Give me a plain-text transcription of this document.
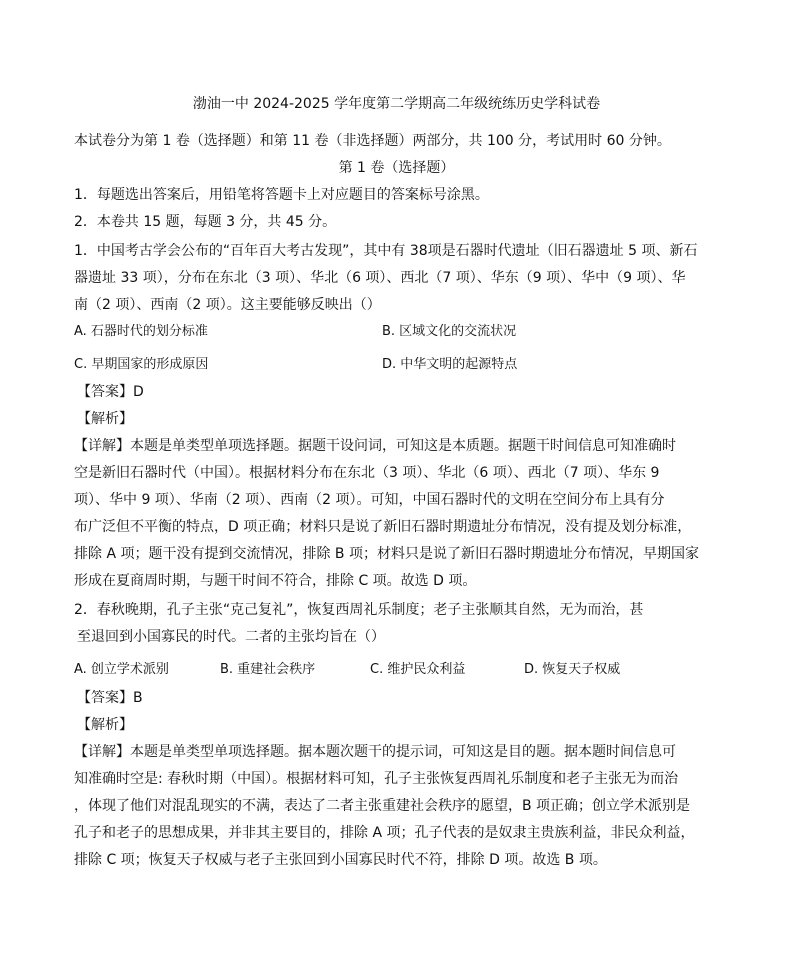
渤油一中 2024-2025 学年度第二学期高二年级统练历史学科试卷
本试卷分为第 1 卷（选择题）和第 11 卷（非选择题）两部分，共 100 分，考试用时 60 分钟。
第 1 卷（选择题）
1．每题选出答案后，用铅笔将答题卡上对应题目的答案标号涂黑。
2．本卷共 15 题，每题 3 分，共 45 分。
1．中国考古学会公布的“百年百大考古发现”，其中有 38项是石器时代遗址（旧石器遗址 5 项、新石
器遗址 33 项），分布在东北（3 项）、华北（6 项）、西北（7 项）、华东（9 项）、华中（9 项）、华
南（2 项）、西南（2 项）。这主要能够反映出（）
A. 石器时代的划分标准	B. 区域文化的交流状况
C. 早期国家的形成原因	D. 中华文明的起源特点
【答案】D
【解析】
【详解】本题是单类型单项选择题。据题干设问词，可知这是本质题。据题干时间信息可知准确时
空是新旧石器时代（中国）。根据材料分布在东北（3 项）、华北（6 项）、西北（7 项）、华东 9
项）、华中 9 项）、华南（2 项）、西南（2 项）。可知，中国石器时代的文明在空间分布上具有分
布广泛但不平衡的特点，D 项正确；材料只是说了新旧石器时期遗址分布情况，没有提及划分标准，
排除 A 项；题干没有提到交流情况，排除 B 项；材料只是说了新旧石器时期遗址分布情况，早期国家
形成在夏商周时期，与题干时间不符合，排除 C 项。故选 D 项。
2．春秋晚期，孔子主张“克己复礼”，恢复西周礼乐制度；老子主张顺其自然，无为而治，甚
至退回到小国寡民的时代。二者的主张均旨在（）
A. 创立学术派别	B. 重建社会秩序	C. 维护民众利益	D. 恢复天子权威
【答案】B
【解析】
【详解】本题是单类型单项选择题。据本题次题干的提示词，可知这是目的题。据本题时间信息可
知准确时空是: 春秋时期（中国）。根据材料可知，孔子主张恢复西周礼乐制度和老子主张无为而治
，体现了他们对混乱现实的不满，表达了二者主张重建社会秩序的愿望，B 项正确；创立学术派别是
孔子和老子的思想成果，并非其主要目的，排除 A 项；孔子代表的是奴隶主贵族利益，非民众利益，
排除 C 项；恢复天子权威与老子主张回到小国寡民时代不符，排除 D 项。故选 B 项。
